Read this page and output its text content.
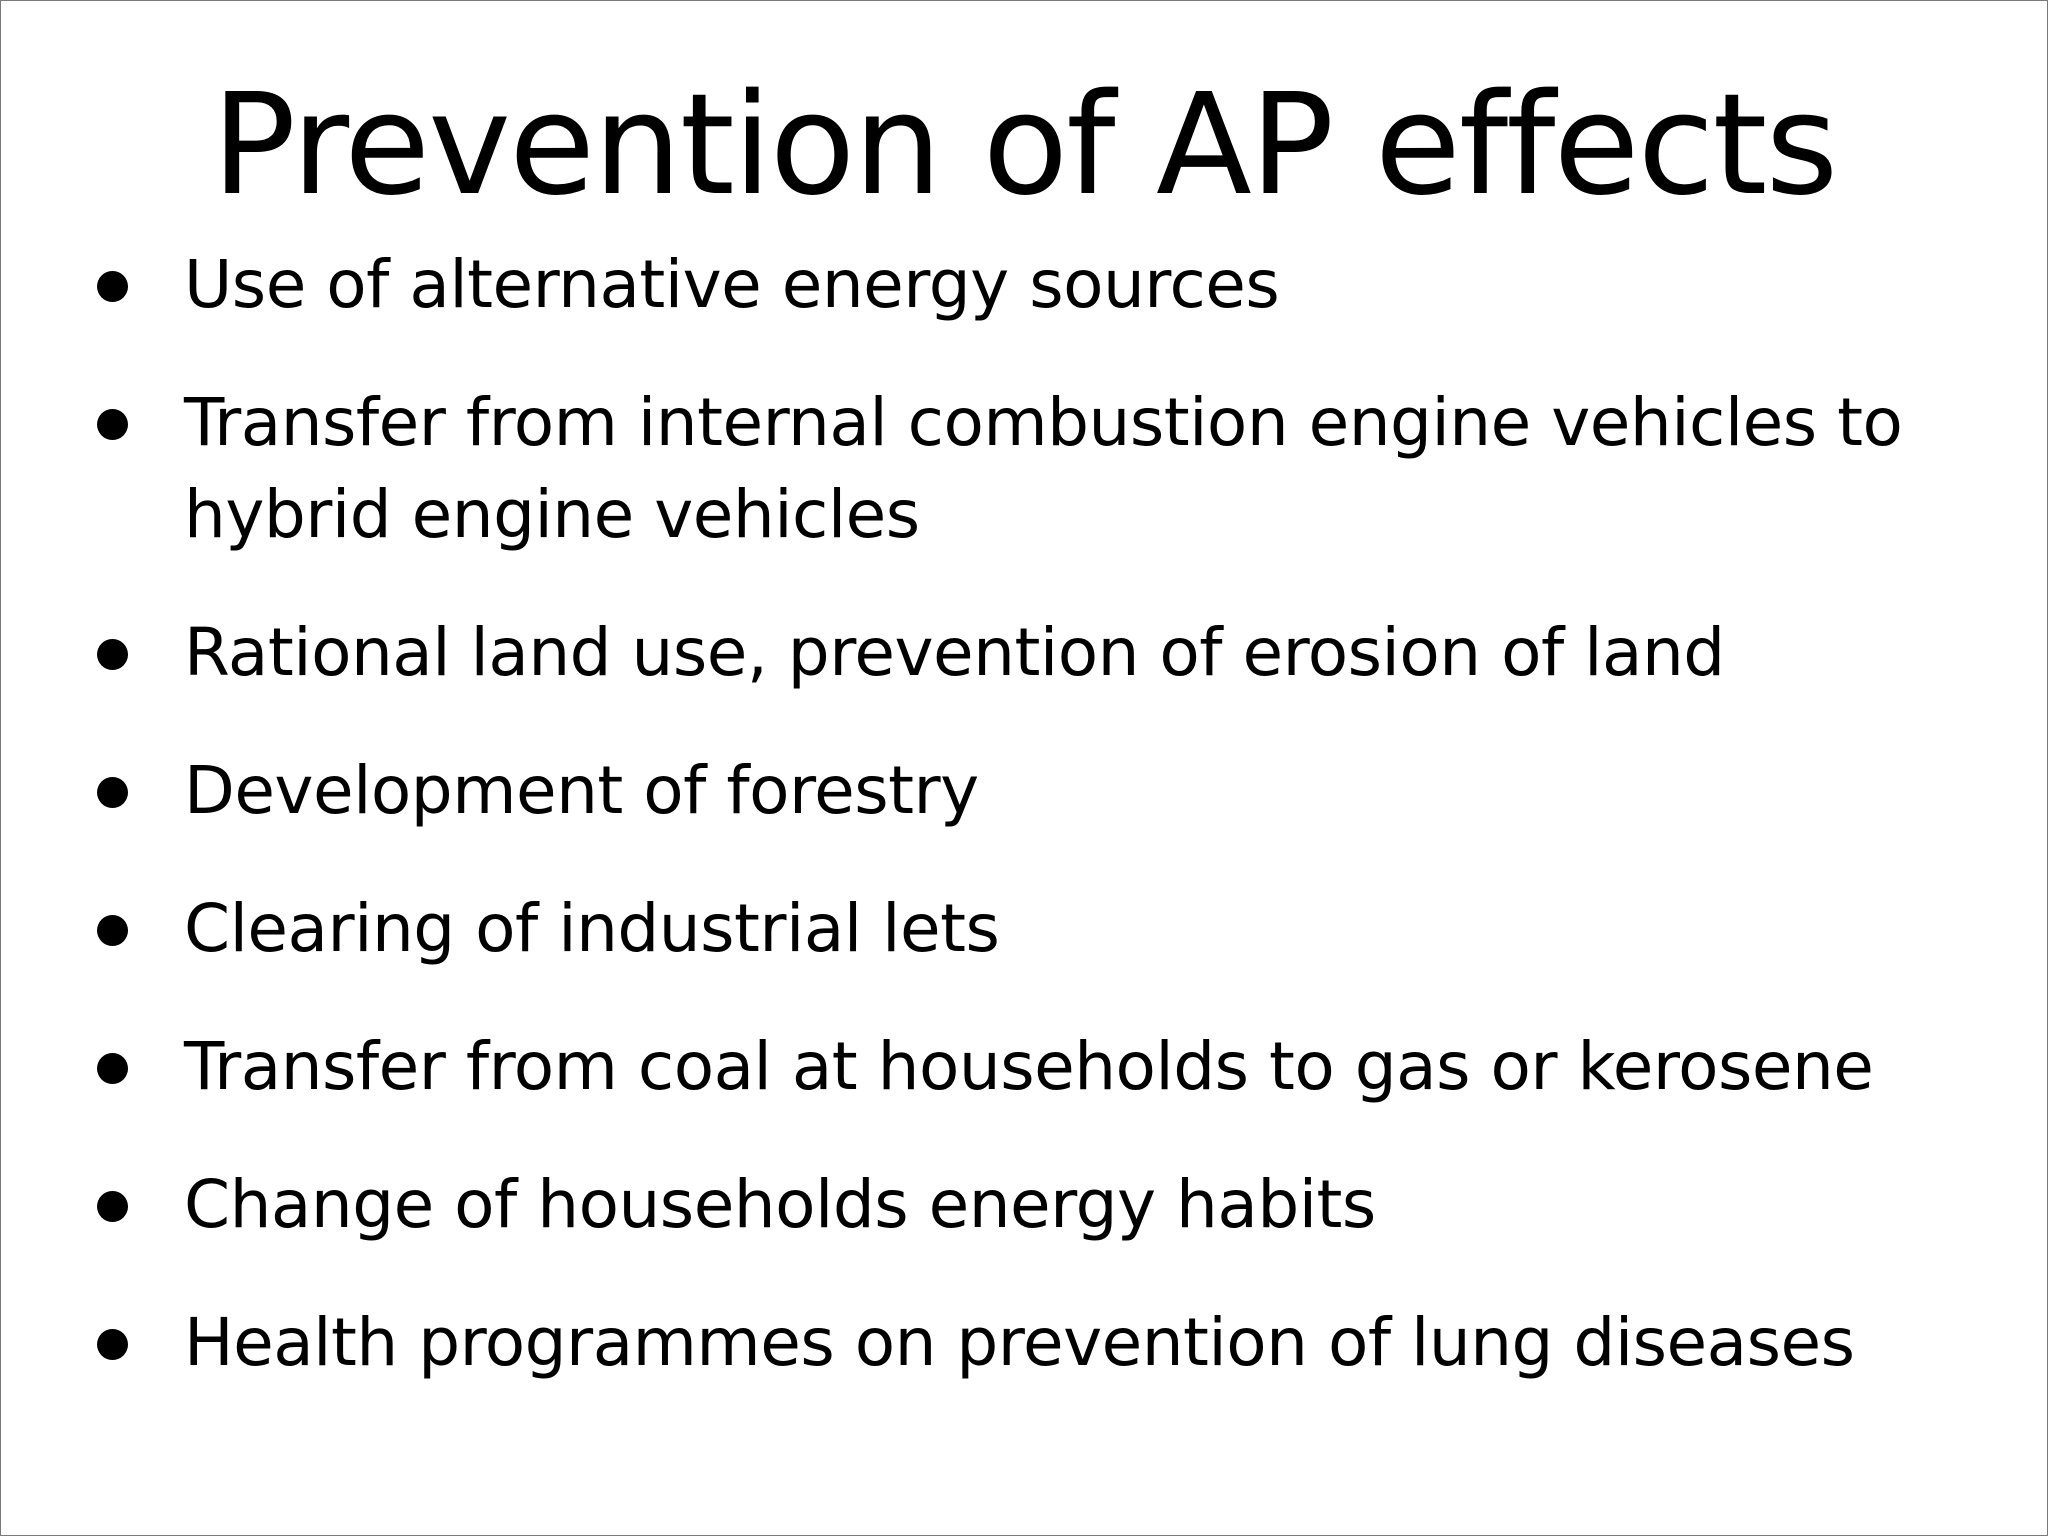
Prevention of AP effects
Use of alternative energy sources
Transfer from internal combustion engine vehicles to hybrid engine vehicles
Rational land use, prevention of erosion of land
Development of forestry
Clearing of industrial lets
Transfer from coal at households to gas or kerosene
Change of households energy habits
Health programmes on prevention of lung diseases
